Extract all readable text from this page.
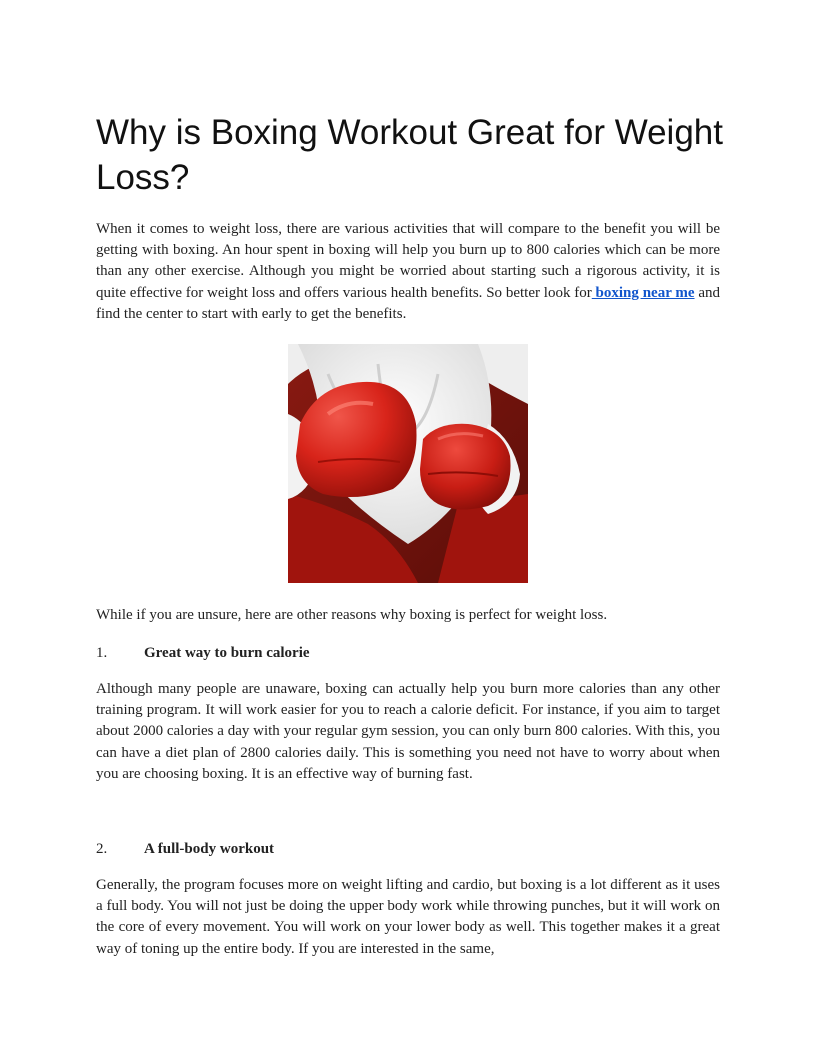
Why is Boxing Workout Great for Weight Loss?

When it comes to weight loss, there are various activities that will compare to the benefit you will be getting with boxing. An hour spent in boxing will help you burn up to 800 calories which can be more than any other exercise. Although you might be worried about starting such a rigorous activity, it is quite effective for weight loss and offers various health benefits. So better look for boxing near me and find the center to start with early to get the benefits.

While if you are unsure, here are other reasons why boxing is perfect for weight loss.

1. Great way to burn calorie

Although many people are unaware, boxing can actually help you burn more calories than any other training program. It will work easier for you to reach a calorie deficit. For instance, if you aim to target about 2000 calories a day with your regular gym session, you can only burn 800 calories. With this, you can have a diet plan of 2800 calories daily. This is something you need not have to worry about when you are choosing boxing. It is an effective way of burning fast.

2. A full-body workout

Generally, the program focuses more on weight lifting and cardio, but boxing is a lot different as it uses a full body. You will not just be doing the upper body work while throwing punches, but it will work on the core of every movement. You will work on your lower body as well. This together makes it a great way of toning up the entire body. If you are interested in the same,
